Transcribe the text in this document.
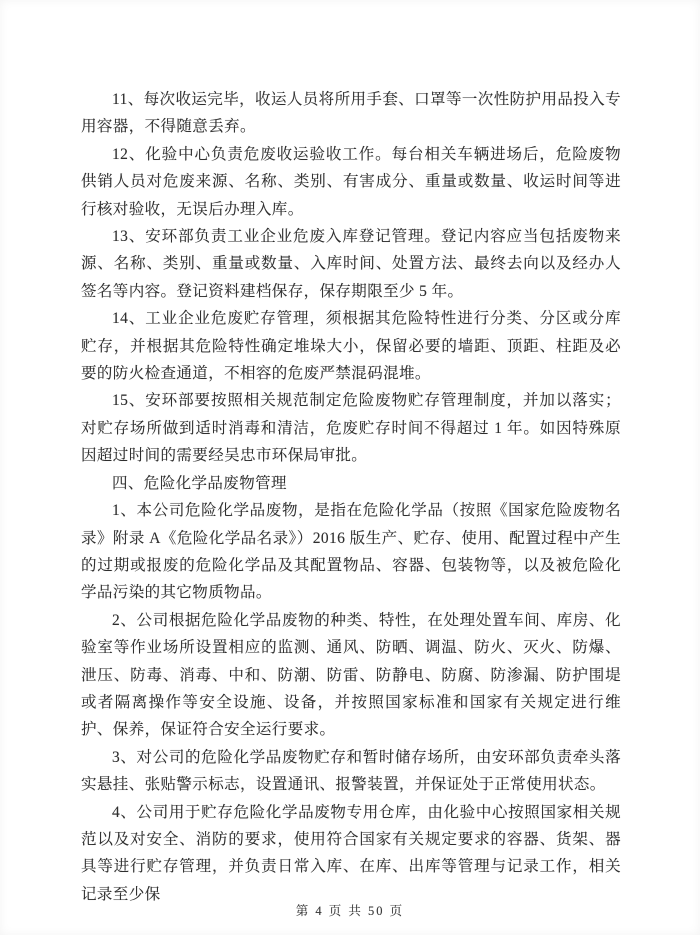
11、每次收运完毕，收运人员将所用手套、口罩等一次性防护用品投入专用容器，不得随意丢弃。

12、化验中心负责危废收运验收工作。每台相关车辆进场后，危险废物供销人员对危废来源、名称、类别、有害成分、重量或数量、收运时间等进行核对验收，无误后办理入库。

13、安环部负责工业企业危废入库登记管理。登记内容应当包括废物来源、名称、类别、重量或数量、入库时间、处置方法、最终去向以及经办人签名等内容。登记资料建档保存，保存期限至少 5 年。

14、工业企业危废贮存管理，须根据其危险特性进行分类、分区或分库贮存，并根据其危险特性确定堆垛大小，保留必要的墙距、顶距、柱距及必要的防火检查通道，不相容的危废严禁混码混堆。

15、安环部要按照相关规范制定危险废物贮存管理制度，并加以落实；对贮存场所做到适时消毒和清洁，危废贮存时间不得超过 1 年。如因特殊原因超过时间的需要经吴忠市环保局审批。

四、危险化学品废物管理

1、本公司危险化学品废物，是指在危险化学品（按照《国家危险废物名录》附录 A《危险化学品名录》）2016 版生产、贮存、使用、配置过程中产生的过期或报废的危险化学品及其配置物品、容器、包装物等，以及被危险化学品污染的其它物质物品。

2、公司根据危险化学品废物的种类、特性，在处理处置车间、库房、化验室等作业场所设置相应的监测、通风、防晒、调温、防火、灭火、防爆、泄压、防毒、消毒、中和、防潮、防雷、防静电、防腐、防渗漏、防护围堤或者隔离操作等安全设施、设备，并按照国家标准和国家有关规定进行维护、保养，保证符合安全运行要求。

3、对公司的危险化学品废物贮存和暂时储存场所，由安环部负责牵头落实悬挂、张贴警示标志，设置通讯、报警装置，并保证处于正常使用状态。

4、公司用于贮存危险化学品废物专用仓库，由化验中心按照国家相关规范以及对安全、消防的要求，使用符合国家有关规定要求的容器、货架、器具等进行贮存管理，并负责日常入库、在库、出库等管理与记录工作，相关记录至少保

第 4 页 共 50 页
